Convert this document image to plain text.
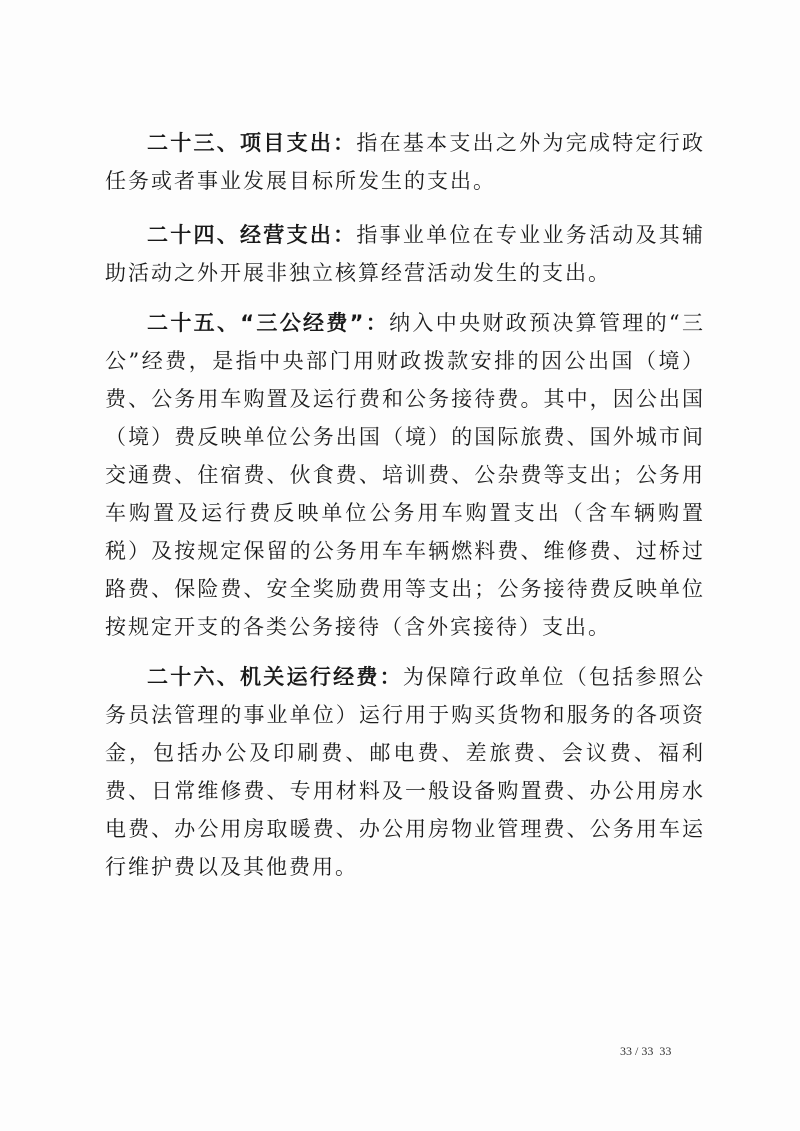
二十三、项目支出：指在基本支出之外为完成特定行政任务或者事业发展目标所发生的支出。

二十四、经营支出：指事业单位在专业业务活动及其辅助活动之外开展非独立核算经营活动发生的支出。

二十五、“三公经费”：纳入中央财政预决算管理的“三公”经费，是指中央部门用财政拨款安排的因公出国（境）费、公务用车购置及运行费和公务接待费。其中，因公出国（境）费反映单位公务出国（境）的国际旅费、国外城市间交通费、住宿费、伙食费、培训费、公杂费等支出；公务用车购置及运行费反映单位公务用车购置支出（含车辆购置税）及按规定保留的公务用车车辆燃料费、维修费、过桥过路费、保险费、安全奖励费用等支出；公务接待费反映单位按规定开支的各类公务接待（含外宾接待）支出。

二十六、机关运行经费：为保障行政单位（包括参照公务员法管理的事业单位）运行用于购买货物和服务的各项资金，包括办公及印刷费、邮电费、差旅费、会议费、福利费、日常维修费、专用材料及一般设备购置费、办公用房水电费、办公用房取暖费、办公用房物业管理费、公务用车运行维护费以及其他费用。

33 / 33 33
